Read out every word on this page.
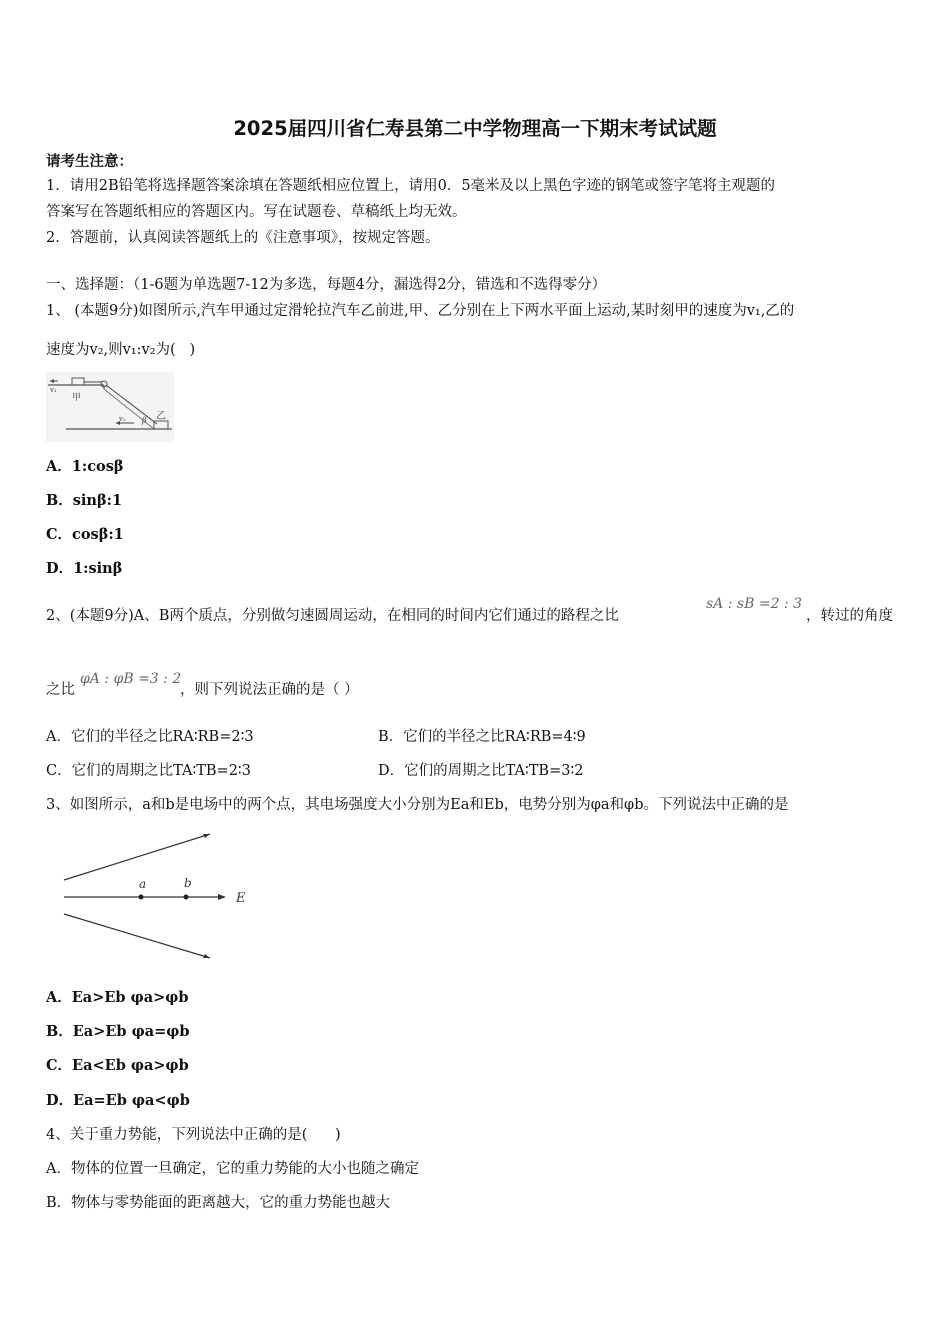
2025届四川省仁寿县第二中学物理高一下期末考试试题
请考生注意：
1．请用2B铅笔将选择题答案涂填在答题纸相应位置上，请用0．5毫米及以上黑色字迹的钢笔或签字笔将主观题的
答案写在答题纸相应的答题区内。写在试题卷、草稿纸上均无效。
2．答题前，认真阅读答题纸上的《注意事项》，按规定答题。
一、选择题：（1-6题为单选题7-12为多选，每题4分，漏选得2分，错选和不选得零分）
1、 (本题9分)如图所示,汽车甲通过定滑轮拉汽车乙前进,甲、乙分别在上下两水平面上运动,某时刻甲的速度为v₁,乙的
速度为v₂,则v₁:v₂为(   )
v₁
甲
v₂ β 乙
A．1:cosβ
B．sinβ:1
C．cosβ:1
D．1:sinβ
2、(本题9分)A、B两个质点，分别做匀速圆周运动，在相同的时间内它们通过的路程之比
sA : sB =2 : 3
，转过的角度
之比
φA : φB =3 : 2
，则下列说法正确的是（ ）
A．它们的半径之比RA∶RB=2∶3	B．它们的半径之比RA∶RB=4∶9
C．它们的周期之比TA∶TB=2∶3	D．它们的周期之比TA∶TB=3∶2
3、如图所示，a和b是电场中的两个点，其电场强度大小分别为Ea和Eb，电势分别为φa和φb。下列说法中正确的是
a	b
E
A．Ea>Eb φa>φb
B．Ea>Eb φa=φb
C．Ea<Eb φa>φb
D．Ea=Eb φa<φb
4、关于重力势能，下列说法中正确的是(      )
A．物体的位置一旦确定，它的重力势能的大小也随之确定
B．物体与零势能面的距离越大，它的重力势能也越大
